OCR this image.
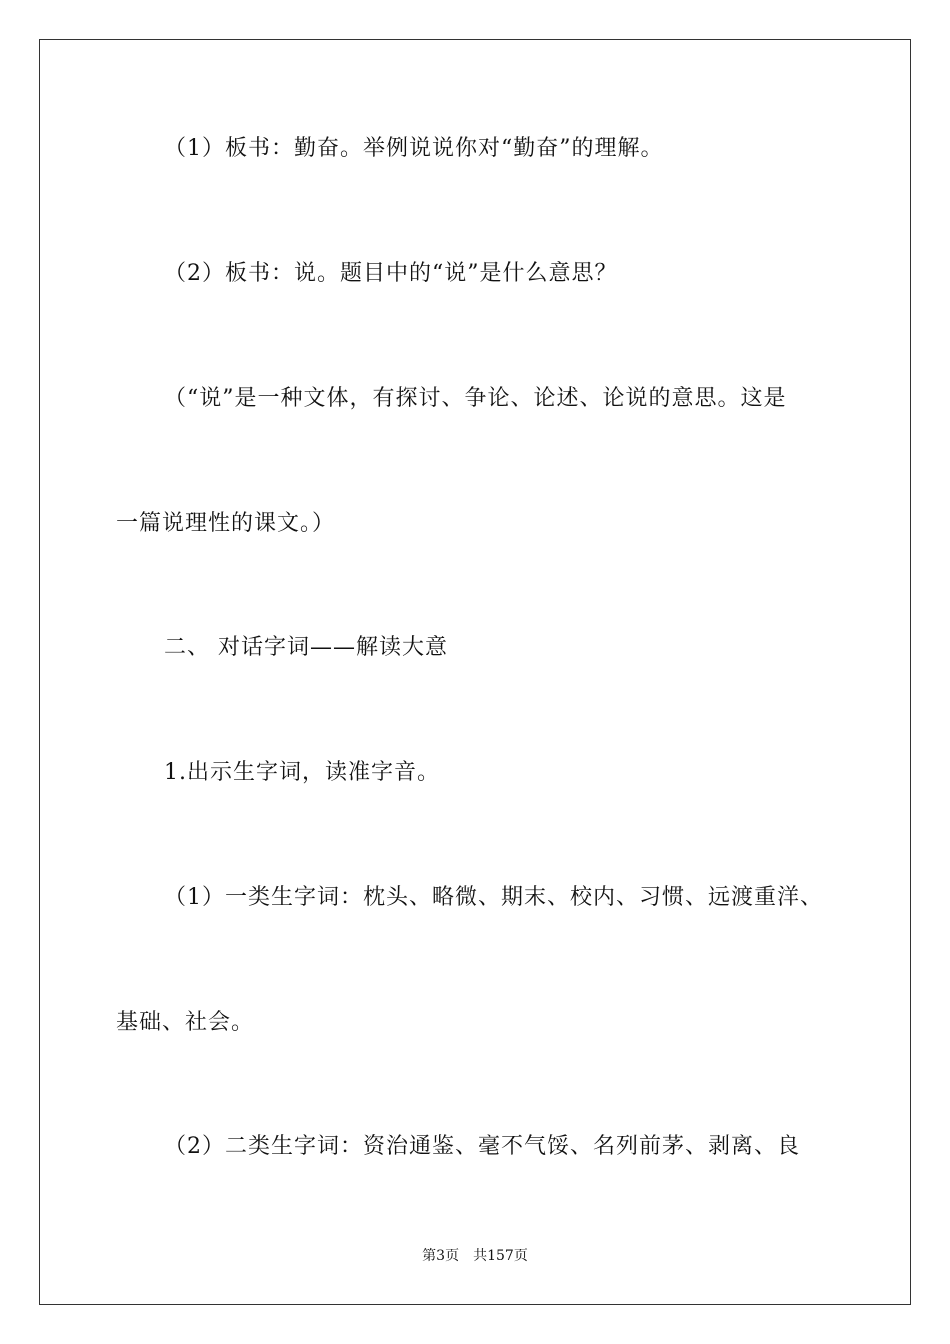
（1）板书：勤奋。举例说说你对“勤奋”的理解。
（2）板书：说。题目中的“说”是什么意思？
（“说”是一种文体，有探讨、争论、论述、论说的意思。这是
一篇说理性的课文。）
二、 对话字词——解读大意
1.出示生字词，读准字音。
（1）一类生字词：枕头、略微、期末、校内、习惯、远渡重洋、
基础、社会。
（2）二类生字词：资治通鉴、毫不气馁、名列前茅、剥离、良
第3页 共157页
